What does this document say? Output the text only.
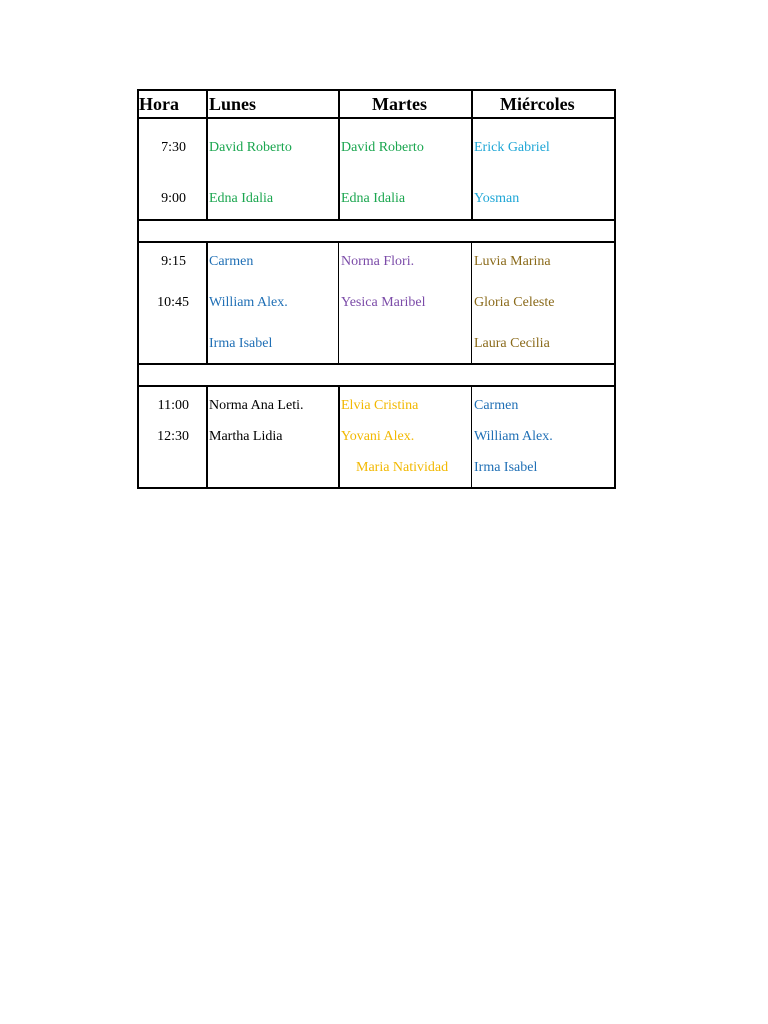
Hora Lunes	Martes	Miércoles
7:30
9:00
David Roberto
Edna Idalia
David Roberto
Edna Idalia
Erick Gabriel
Yosman
9:15
10:45
Carmen
William Alex.
Irma Isabel
Norma Flori.
Yesica Maribel
Luvia Marina
Gloria Celeste
Laura Cecilia
11:00
12:30
Norma Ana Leti.
Martha Lidia
Elvia Cristina
Yovani Alex.
Maria Natividad
Carmen
William Alex.
Irma Isabel
